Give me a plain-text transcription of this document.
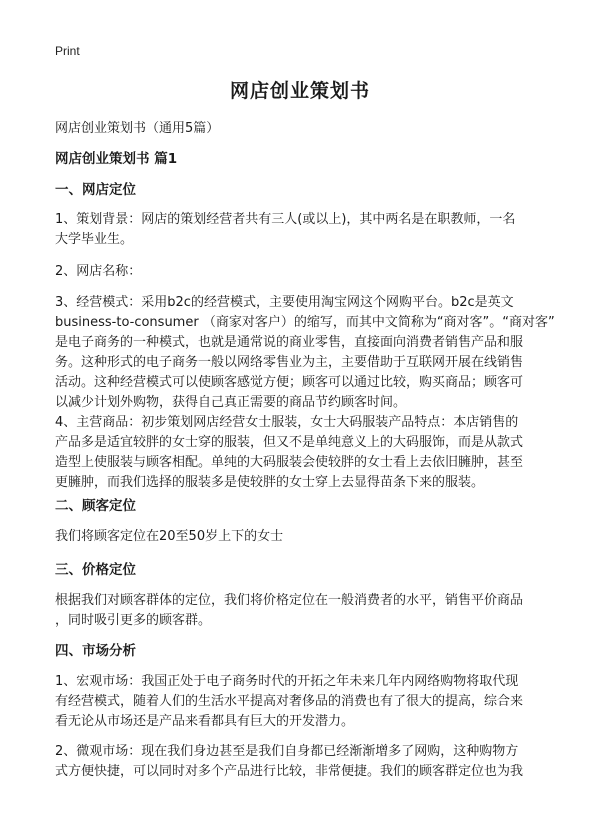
Print
网店创业策划书
网店创业策划书（通用5篇）
网店创业策划书 篇1
一、网店定位
1、策划背景：网店的策划经营者共有三人(或以上)，其中两名是在职教师，一名
大学毕业生。
2、网店名称：
3、经营模式：采用b2c的经营模式，主要使用淘宝网这个网购平台。b2c是英文
business-to-consumer （商家对客户）的缩写，而其中文简称为“商对客”。“商对客”
是电子商务的一种模式，也就是通常说的商业零售，直接面向消费者销售产品和服
务。这种形式的电子商务一般以网络零售业为主，主要借助于互联网开展在线销售
活动。这种经营模式可以使顾客感觉方便；顾客可以通过比较，购买商品；顾客可
以减少计划外购物，获得自己真正需要的商品节约顾客时间。
4、主营商品：初步策划网店经营女士服装，女士大码服装产品特点：本店销售的
产品多是适宜较胖的女士穿的服装，但又不是单纯意义上的大码服饰，而是从款式
造型上使服装与顾客相配。单纯的大码服装会使较胖的女士看上去依旧臃肿，甚至
更臃肿，而我们选择的服装多是使较胖的女士穿上去显得苗条下来的服装。
二、顾客定位
我们将顾客定位在20至50岁上下的女士
三、价格定位
根据我们对顾客群体的定位，我们将价格定位在一般消费者的水平，销售平价商品
，同时吸引更多的顾客群。
四、市场分析
1、宏观市场：我国正处于电子商务时代的开拓之年未来几年内网络购物将取代现
有经营模式，随着人们的生活水平提高对奢侈品的消费也有了很大的提高，综合来
看无论从市场还是产品来看都具有巨大的开发潜力。
2、微观市场：现在我们身边甚至是我们自身都已经渐渐增多了网购，这种购物方
式方便快捷，可以同时对多个产品进行比较，非常便捷。我们的顾客群定位也为我
